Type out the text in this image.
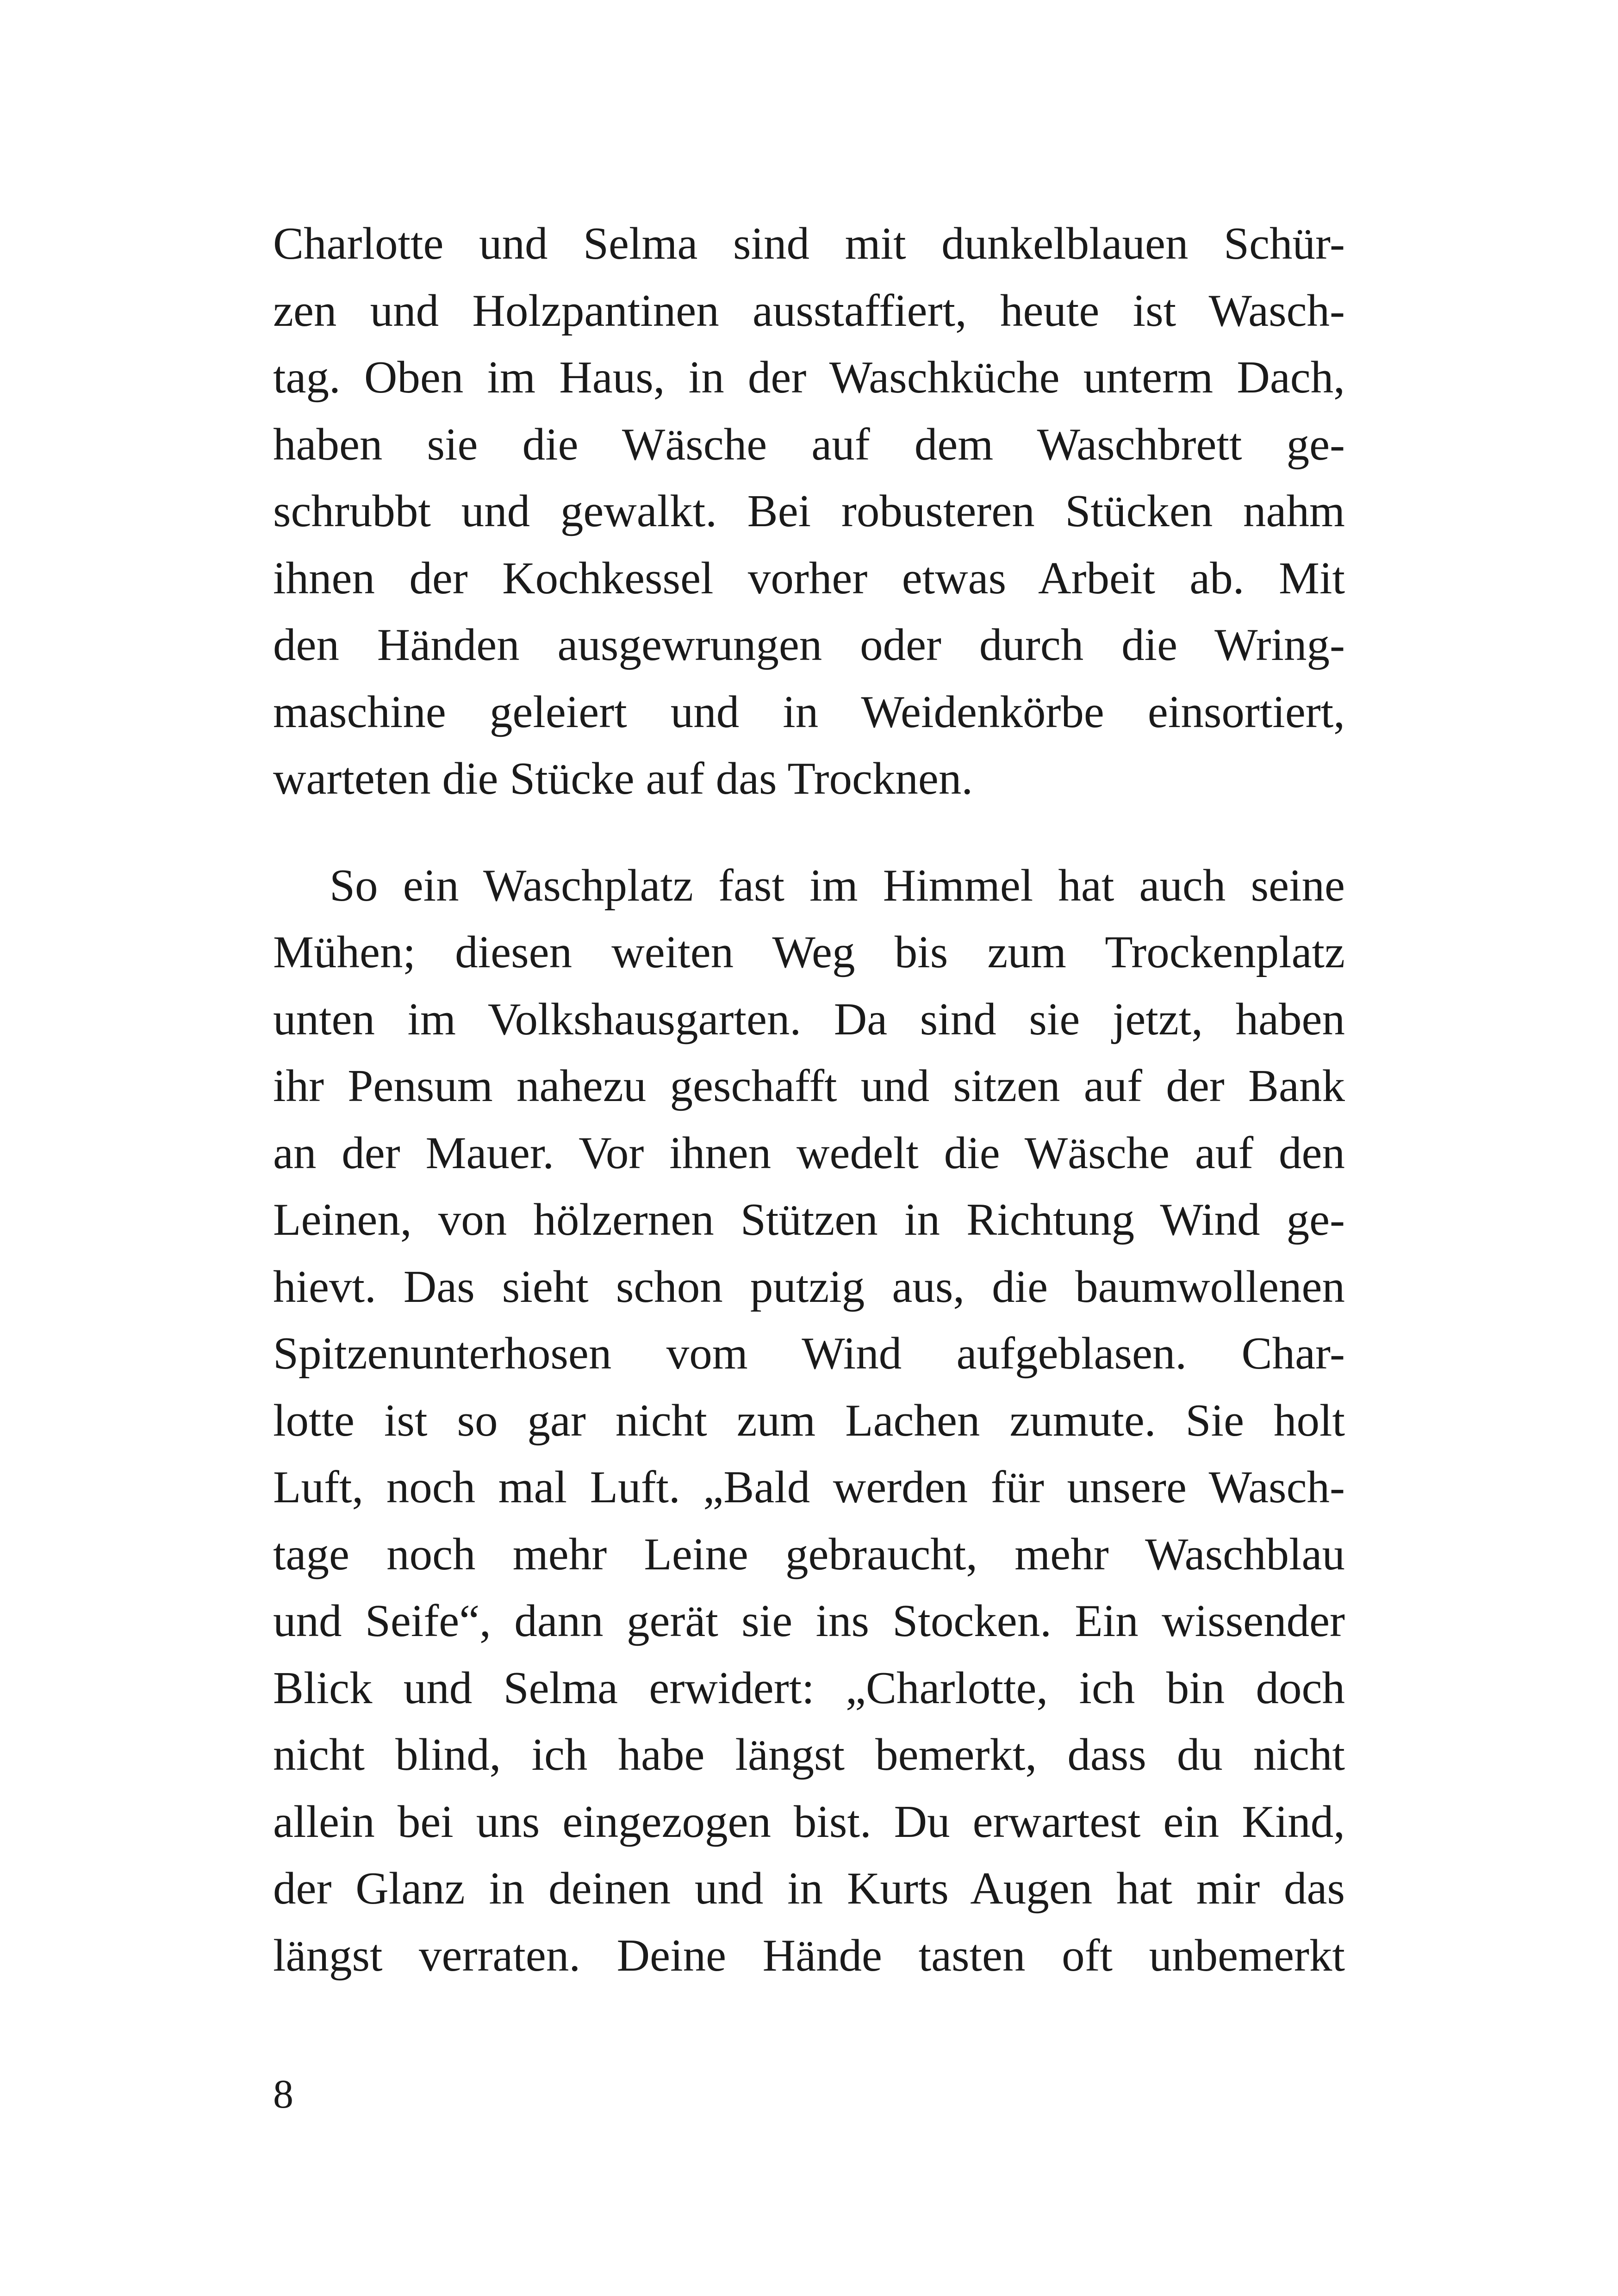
Charlotte und Selma sind mit dunkelblauen Schür-
zen und Holzpantinen ausstaffiert, heute ist Wasch-
tag. Oben im Haus, in der Waschküche unterm Dach,
haben sie die Wäsche auf dem Waschbrett ge-
schrubbt und gewalkt. Bei robusteren Stücken nahm
ihnen der Kochkessel vorher etwas Arbeit ab. Mit
den Händen ausgewrungen oder durch die Wring-
maschine geleiert und in Weidenkörbe einsortiert,
warteten die Stücke auf das Trocknen.
So ein Waschplatz fast im Himmel hat auch seine
Mühen; diesen weiten Weg bis zum Trockenplatz
unten im Volkshausgarten. Da sind sie jetzt, haben
ihr Pensum nahezu geschafft und sitzen auf der Bank
an der Mauer. Vor ihnen wedelt die Wäsche auf den
Leinen, von hölzernen Stützen in Richtung Wind ge-
hievt. Das sieht schon putzig aus, die baumwollenen
Spitzenunterhosen vom Wind aufgeblasen. Char-
lotte ist so gar nicht zum Lachen zumute. Sie holt
Luft, noch mal Luft. „Bald werden für unsere Wasch-
tage noch mehr Leine gebraucht, mehr Waschblau
und Seife“, dann gerät sie ins Stocken. Ein wissender
Blick und Selma erwidert: „Charlotte, ich bin doch
nicht blind, ich habe längst bemerkt, dass du nicht
allein bei uns eingezogen bist. Du erwartest ein Kind,
der Glanz in deinen und in Kurts Augen hat mir das
längst verraten. Deine Hände tasten oft unbemerkt
8
